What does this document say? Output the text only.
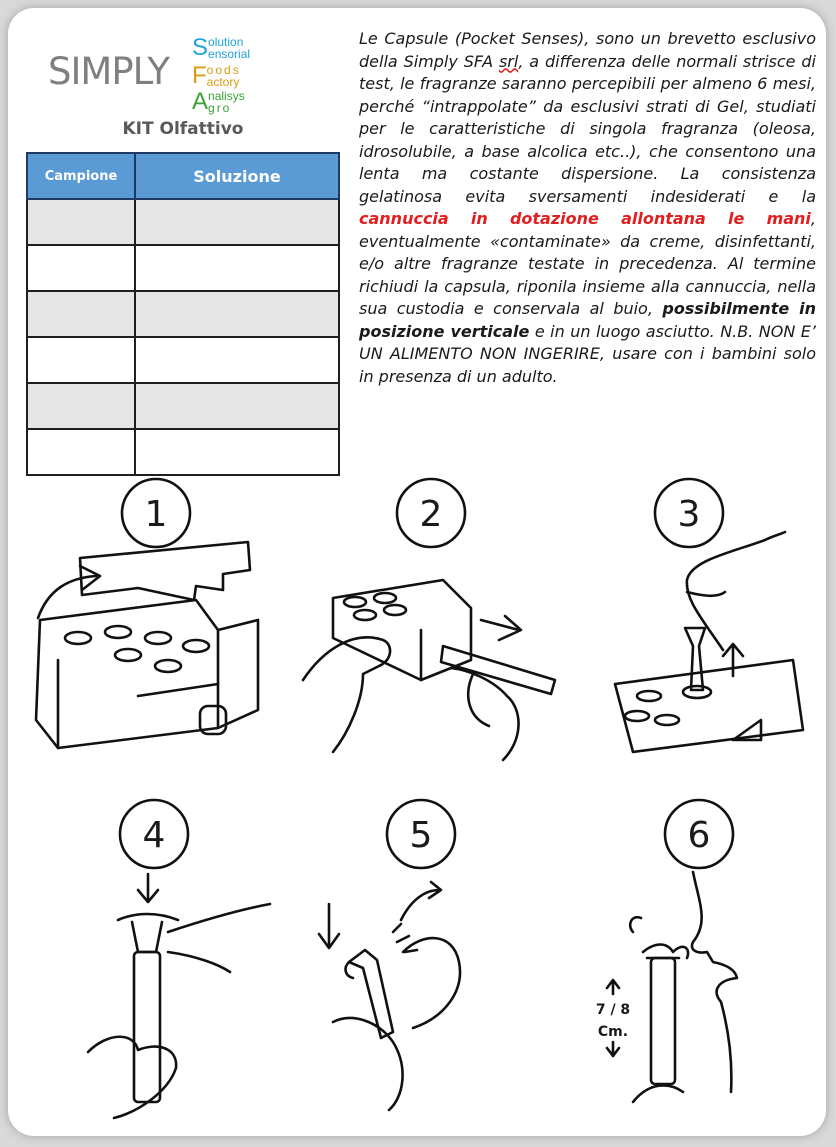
SIMPLY
S olution
ensorial
F oods
actory
A nalisys
gro
KIT Olfattivo
Campione	Soluzione

Le Capsule (Pocket Senses), sono un brevetto esclusivo della Simply SFA srl, a differenza delle normali strisce di test, le fragranze saranno percepibili per almeno 6 mesi, perché “intrappolate” da esclusivi strati di Gel, studiati per le caratteristiche di singola fragranza (oleosa, idrosolubile, a base alcolica etc..), che consentono una lenta ma costante dispersione. La consistenza gelatinosa evita sversamenti indesiderati e la cannuccia in dotazione allontana le mani, eventualmente «contaminate» da creme, disinfettanti, e/o altre fragranze testate in precedenza. Al termine richiudi la capsula, riponila insieme alla cannuccia, nella sua custodia e conservala al buio, possibilmente in posizione verticale e in un luogo asciutto. N.B. NON E’ UN ALIMENTO NON INGERIRE, usare con i bambini solo in presenza di un adulto.
1	2	3
4	5	6
7 / 8
Cm.
